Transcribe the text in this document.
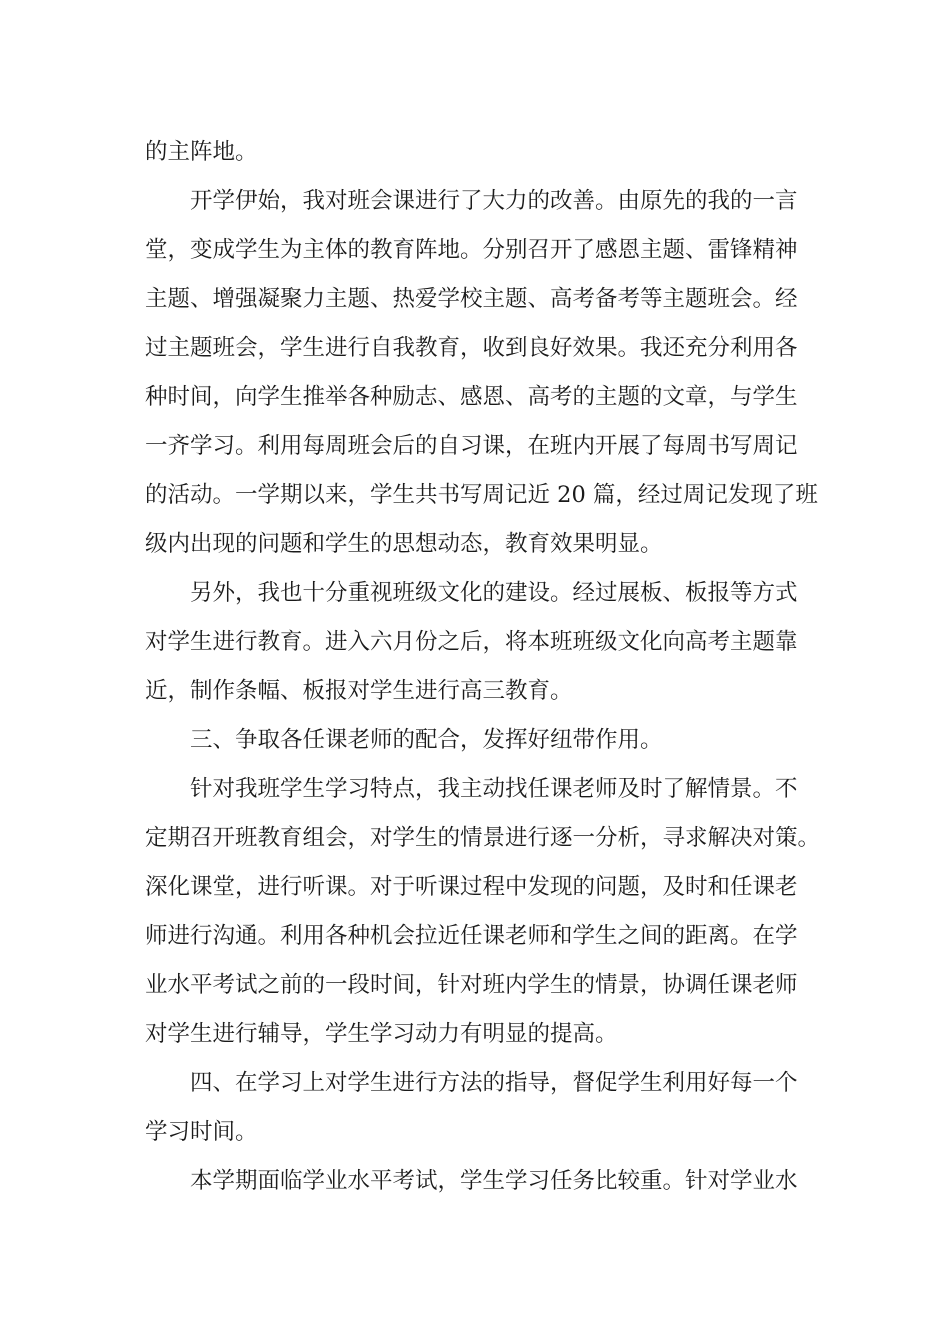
的主阵地。

开学伊始，我对班会课进行了大力的改善。由原先的我的一言

堂，变成学生为主体的教育阵地。分别召开了感恩主题、雷锋精神

主题、增强凝聚力主题、热爱学校主题、高考备考等主题班会。经

过主题班会，学生进行自我教育，收到良好效果。我还充分利用各

种时间，向学生推举各种励志、感恩、高考的主题的文章，与学生

一齐学习。利用每周班会后的自习课，在班内开展了每周书写周记

的活动。一学期以来，学生共书写周记近 20 篇，经过周记发现了班

级内出现的问题和学生的思想动态，教育效果明显。

另外，我也十分重视班级文化的建设。经过展板、板报等方式

对学生进行教育。进入六月份之后，将本班班级文化向高考主题靠

近，制作条幅、板报对学生进行高三教育。

三、争取各任课老师的配合，发挥好纽带作用。

针对我班学生学习特点，我主动找任课老师及时了解情景。不

定期召开班教育组会，对学生的情景进行逐一分析，寻求解决对策。

深化课堂，进行听课。对于听课过程中发现的问题，及时和任课老

师进行沟通。利用各种机会拉近任课老师和学生之间的距离。在学

业水平考试之前的一段时间，针对班内学生的情景，协调任课老师

对学生进行辅导，学生学习动力有明显的提高。

四、在学习上对学生进行方法的指导，督促学生利用好每一个

学习时间。

本学期面临学业水平考试，学生学习任务比较重。针对学业水
